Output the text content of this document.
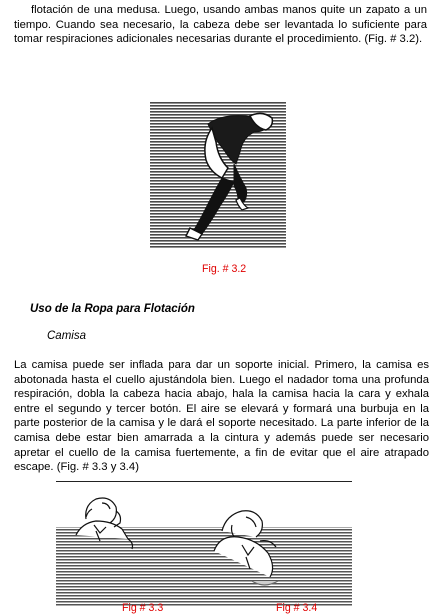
flotación de una medusa. Luego, usando ambas manos quite un zapato a un tiempo. Cuando sea necesario, la cabeza debe ser levantada lo suficiente para tomar respiraciones adicionales necesarias durante el procedimiento. (Fig. # 3.2).
Fig. # 3.2
Uso de la Ropa para Flotación
Camisa
La camisa puede ser inflada para dar un soporte inicial. Primero, la camisa es abotonada hasta el cuello ajustándola bien. Luego el nadador toma una profunda respiración, dobla la cabeza hacia abajo, hala la camisa hacia la cara y exhala entre el segundo y tercer botón. El aire se elevará y formará una burbuja en la parte posterior de la camisa y le dará el soporte necesitado. La parte inferior de la camisa debe estar bien amarrada a la cintura y además puede ser necesario apretar el cuello de la camisa fuertemente, a fin de evitar que el aire atrapado escape. (Fig. # 3.3 y 3.4)
Fig # 3.3	Fig # 3.4
